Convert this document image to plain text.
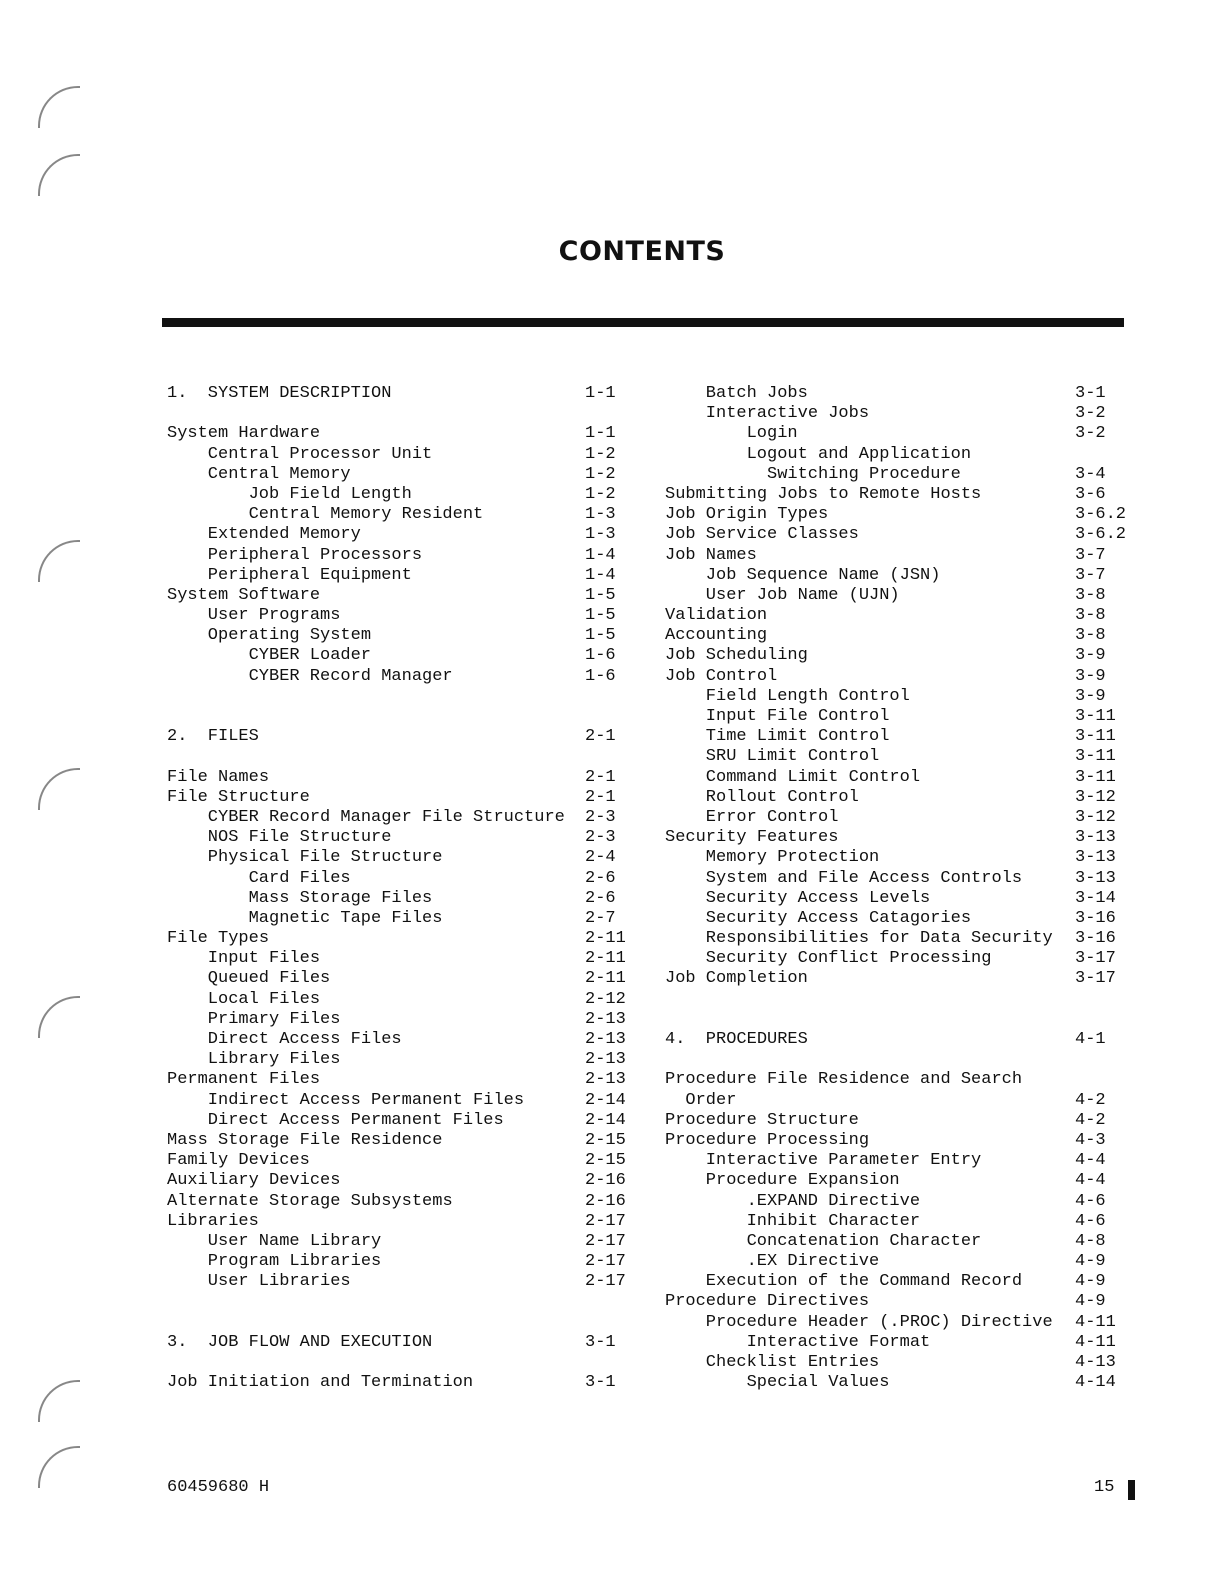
CONTENTS
1.  SYSTEM DESCRIPTION	1-1
System Hardware	1-1
Central Processor Unit	1-2
Central Memory	1-2
Job Field Length	1-2
Central Memory Resident	1-3
Extended Memory	1-3
Peripheral Processors	1-4
Peripheral Equipment	1-4
System Software	1-5
User Programs	1-5
Operating System	1-5
CYBER Loader	1-6
CYBER Record Manager	1-6
2.  FILES	2-1
File Names	2-1
File Structure	2-1
CYBER Record Manager File Structure 2-3
NOS File Structure	2-3
Physical File Structure	2-4
Card Files	2-6
Mass Storage Files	2-6
Magnetic Tape Files	2-7
File Types	2-11
Input Files	2-11
Queued Files	2-11
Local Files	2-12
Primary Files	2-13
Direct Access Files	2-13
Library Files	2-13
Permanent Files	2-13
Indirect Access Permanent Files	2-14
Direct Access Permanent Files	2-14
Mass Storage File Residence	2-15
Family Devices	2-15
Auxiliary Devices	2-16
Alternate Storage Subsystems	2-16
Libraries	2-17
User Name Library	2-17
Program Libraries	2-17
User Libraries	2-17
3.  JOB FLOW AND EXECUTION	3-1
Job Initiation and Termination	3-1
Batch Jobs	3-1
Interactive Jobs	3-2
Login	3-2
Logout and Application
Switching Procedure	3-4
Submitting Jobs to Remote Hosts	3-6
Job Origin Types	3-6.2
Job Service Classes	3-6.2
Job Names	3-7
Job Sequence Name (JSN)	3-7
User Job Name (UJN)	3-8
Validation	3-8
Accounting	3-8
Job Scheduling	3-9
Job Control	3-9
Field Length Control	3-9
Input File Control	3-11
Time Limit Control	3-11
SRU Limit Control	3-11
Command Limit Control	3-11
Rollout Control	3-12
Error Control	3-12
Security Features	3-13
Memory Protection	3-13
System and File Access Controls	3-13
Security Access Levels	3-14
Security Access Catagories	3-16
Responsibilities for Data Security 3-16
Security Conflict Processing	3-17
Job Completion	3-17
4.  PROCEDURES	4-1
Procedure File Residence and Search
Order	4-2
Procedure Structure	4-2
Procedure Processing	4-3
Interactive Parameter Entry	4-4
Procedure Expansion	4-4
.EXPAND Directive	4-6
Inhibit Character	4-6
Concatenation Character	4-8
.EX Directive	4-9
Execution of the Command Record	4-9
Procedure Directives	4-9
Procedure Header (.PROC) Directive 4-11
Interactive Format	4-11
Checklist Entries	4-13
Special Values	4-14
60459680 H	15
